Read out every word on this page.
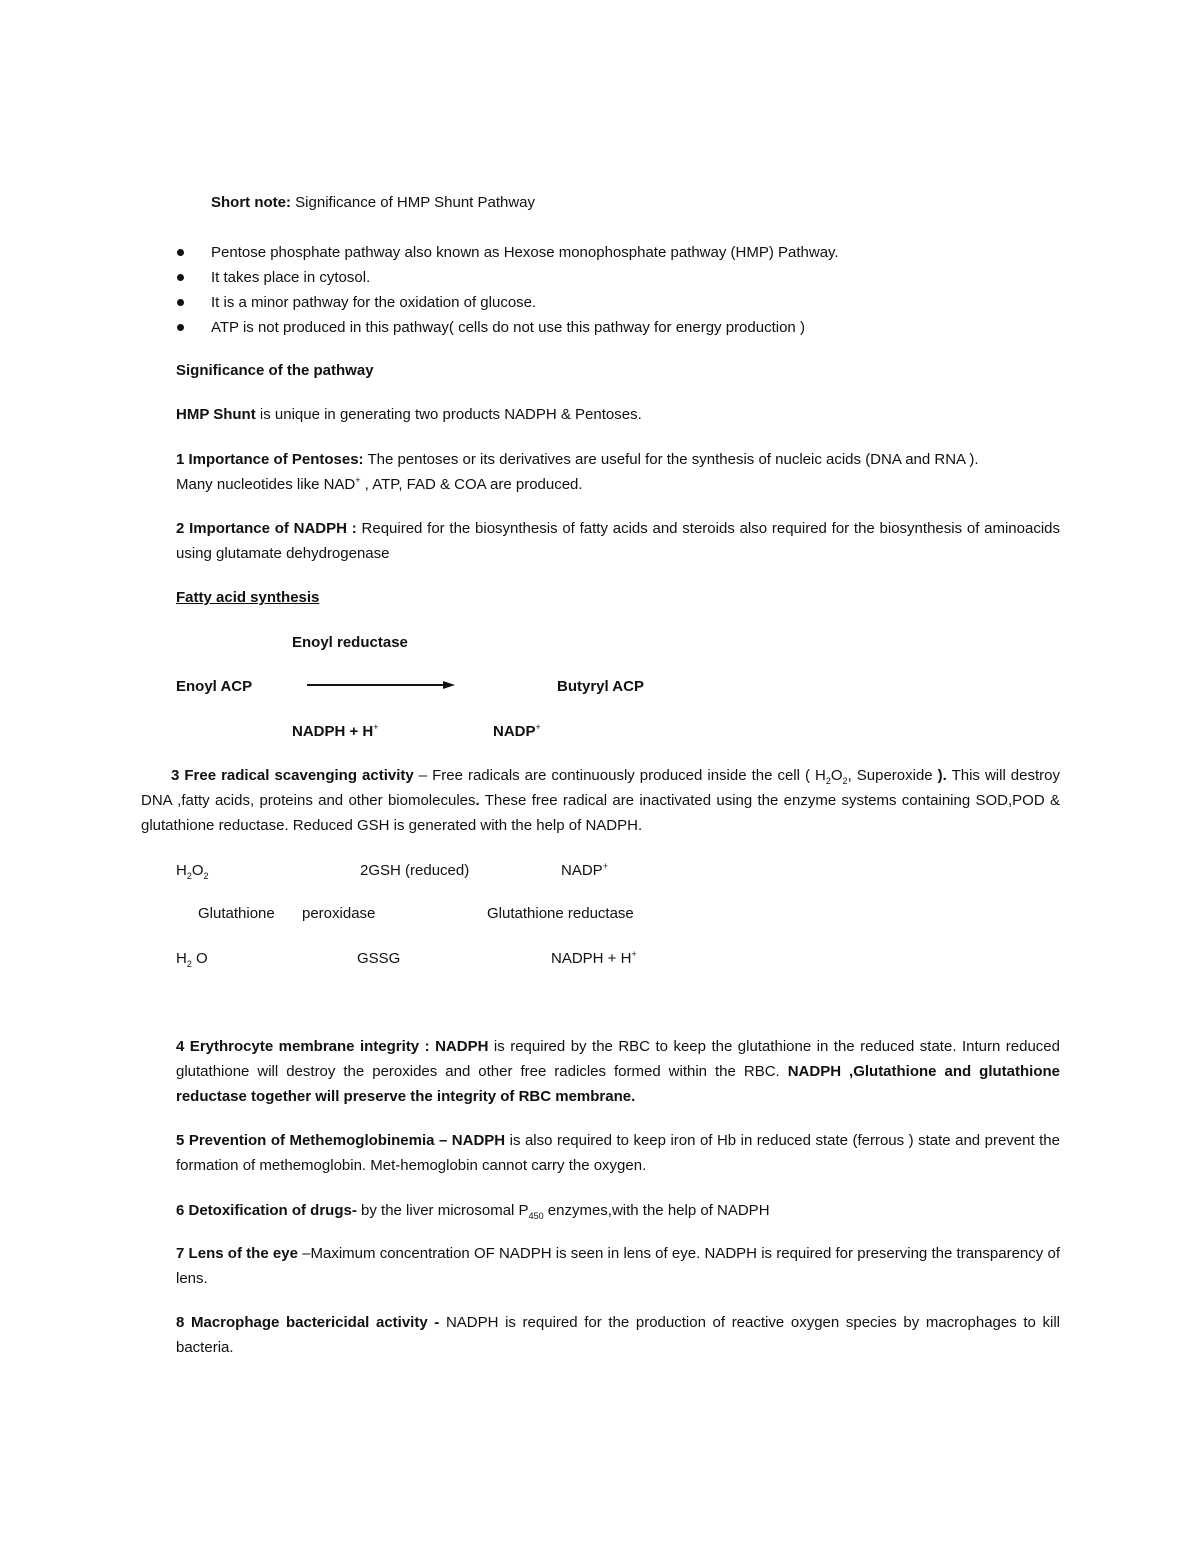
Short note: Significance of HMP Shunt Pathway
Pentose phosphate pathway also known as Hexose monophosphate pathway (HMP) Pathway.
It takes place in cytosol.
It is a minor pathway for the oxidation of glucose.
ATP is not produced in this pathway( cells do not use this pathway for energy production )
Significance of the pathway
HMP Shunt is unique in generating two products NADPH & Pentoses.
1 Importance of Pentoses: The pentoses or its derivatives are useful for the synthesis of nucleic acids (DNA and RNA ).
Many nucleotides like NAD+ , ATP, FAD & COA are produced.
2 Importance of NADPH : Required for the biosynthesis of fatty acids and steroids also required for the biosynthesis of aminoacids using glutamate dehydrogenase
Fatty acid synthesis
Enoyl reductase
Enoyl ACP	Butyryl ACP
NADPH + H+	NADP+
3 Free radical scavenging activity – Free radicals are continuously produced inside the cell ( $H_2O_2$, Superoxide ). This will destroy DNA ,fatty acids, proteins and other biomolecules. These free radical are inactivated using the enzyme systems containing SOD,POD & glutathione reductase. Reduced GSH is generated with the help of NADPH.
$H_2O_2$	2GSH (reduced)	NADP+
Glutathione peroxidase	Glutathione reductase
$H_2$ O	GSSG	NADPH + H+
4 Erythrocyte membrane integrity : NADPH is required by the RBC to keep the glutathione in the reduced state. Inturn reduced glutathione will destroy the peroxides and other free radicles formed within the RBC. NADPH ,Glutathione and glutathione reductase together will preserve the integrity of RBC membrane.
5 Prevention of Methemoglobinemia – NADPH is also required to keep iron of Hb in reduced state (ferrous ) state and prevent the formation of methemoglobin. Met-hemoglobin cannot carry the oxygen.
6 Detoxification of drugs- by the liver microsomal $P_{450}$ enzymes,with the help of NADPH
7 Lens of the eye –Maximum concentration OF NADPH is seen in lens of eye. NADPH is required for preserving the transparency of lens.
8 Macrophage bactericidal activity - NADPH is required for the production of reactive oxygen species by macrophages to kill bacteria.
